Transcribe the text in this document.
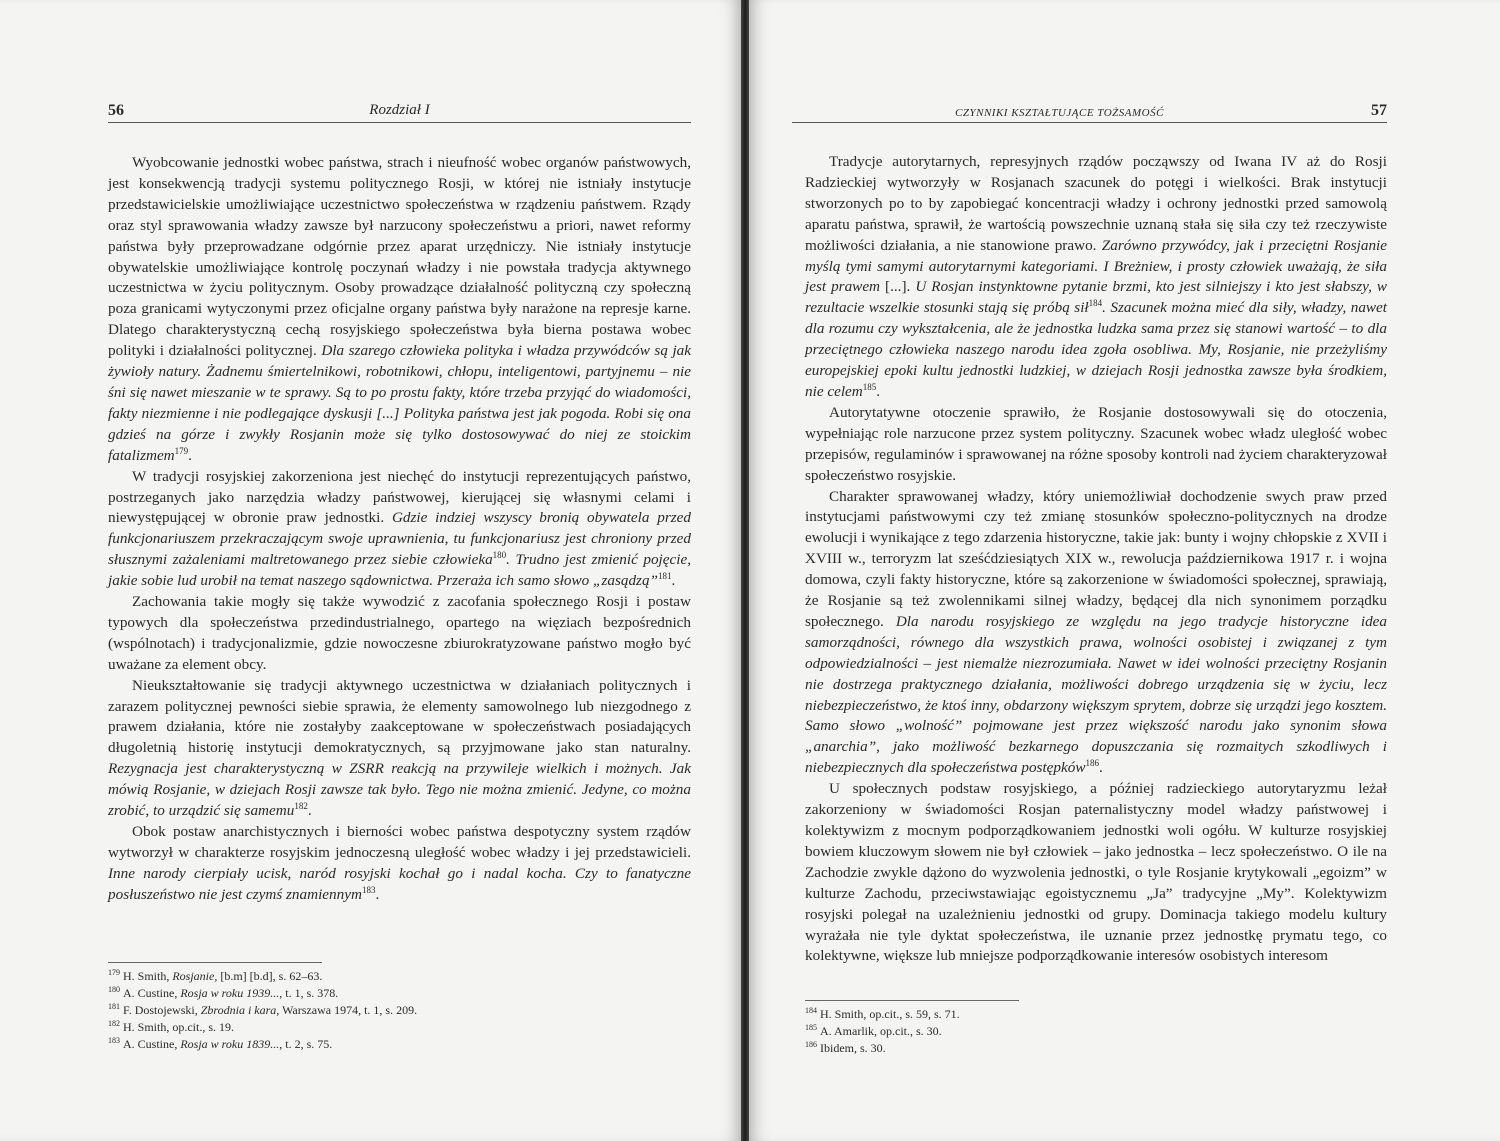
56	Rozdział I

Wyobcowanie jednostki wobec państwa, strach i nieufność wobec organów państwowych, jest konsekwencją tradycji systemu politycznego Rosji, w której nie istniały instytucje przedstawicielskie umożliwiające uczestnictwo społeczeństwa w rządzeniu państwem. Rządy oraz styl sprawowania władzy zawsze był narzucony społeczeństwu a priori, nawet reformy państwa były przeprowadzane odgórnie przez aparat urzędniczy. Nie istniały instytucje obywatelskie umożliwiające kontrolę poczynań władzy i nie powstała tradycja aktywnego uczestnictwa w życiu politycznym. Osoby prowadzące działalność polityczną czy społeczną poza granicami wytyczonymi przez oficjalne organy państwa były narażone na represje karne. Dlatego charakterystyczną cechą rosyjskiego społeczeństwa była bierna postawa wobec polityki i działalności politycznej. Dla szarego człowieka polityka i władza przywódców są jak żywioły natury. Żadnemu śmiertelnikowi, robotnikowi, chłopu, inteligentowi, partyjnemu – nie śni się nawet mieszanie w te sprawy. Są to po prostu fakty, które trzeba przyjąć do wiadomości, fakty niezmienne i nie podlegające dyskusji [...] Polityka państwa jest jak pogoda. Robi się ona gdzieś na górze i zwykły Rosjanin może się tylko dostosowywać do niej ze stoickim fatalizmem$^{179}$.

W tradycji rosyjskiej zakorzeniona jest niechęć do instytucji reprezentujących państwo, postrzeganych jako narzędzia władzy państwowej, kierującej się własnymi celami i niewystępującej w obronie praw jednostki. Gdzie indziej wszyscy bronią obywatela przed funkcjonariuszem przekraczającym swoje uprawnienia, tu funkcjonariusz jest chroniony przed słusznymi zażaleniami maltretowanego przez siebie człowieka$^{180}$. Trudno jest zmienić pojęcie, jakie sobie lud urobił na temat naszego sądownictwa. Przeraża ich samo słowo „zasądzą”$^{181}$.

Zachowania takie mogły się także wywodzić z zacofania społecznego Rosji i postaw typowych dla społeczeństwa przedindustrialnego, opartego na więziach bezpośrednich (wspólnotach) i tradycjonalizmie, gdzie nowoczesne zbiurokratyzowane państwo mogło być uważane za element obcy.

Nieukształtowanie się tradycji aktywnego uczestnictwa w działaniach politycznych i zarazem politycznej pewności siebie sprawia, że elementy samowolnego lub niezgodnego z prawem działania, które nie zostałyby zaakceptowane w społeczeństwach posiadających długoletnią historię instytucji demokratycznych, są przyjmowane jako stan naturalny. Rezygnacja jest charakterystyczną w ZSRR reakcją na przywileje wielkich i możnych. Jak mówią Rosjanie, w dziejach Rosji zawsze tak było. Tego nie można zmienić. Jedyne, co można zrobić, to urządzić się samemu$^{182}$.

Obok postaw anarchistycznych i bierności wobec państwa despotyczny system rządów wytworzył w charakterze rosyjskim jednoczesną uległość wobec władzy i jej przedstawicieli. Inne narody cierpiały ucisk, naród rosyjski kochał go i nadal kocha. Czy to fanatyczne posłuszeństwo nie jest czymś znamiennym$^{183}$.

$^{179}$ H. Smith, Rosjanie, [b.m] [b.d], s. 62–63.
$^{180}$ A. Custine, Rosja w roku 1939..., t. 1, s. 378.
$^{181}$ F. Dostojewski, Zbrodnia i kara, Warszawa 1974, t. 1, s. 209.
$^{182}$ H. Smith, op.cit., s. 19.
$^{183}$ A. Custine, Rosja w roku 1839..., t. 2, s. 75.
CZYNNIKI KSZTAŁTUJĄCE TOŻSAMOŚĆ	57

Tradycje autorytarnych, represyjnych rządów począwszy od Iwana IV aż do Rosji Radzieckiej wytworzyły w Rosjanach szacunek do potęgi i wielkości. Brak instytucji stworzonych po to by zapobiegać koncentracji władzy i ochrony jednostki przed samowolą aparatu państwa, sprawił, że wartością powszechnie uznaną stała się siła czy też rzeczywiste możliwości działania, a nie stanowione prawo. Zarówno przywódcy, jak i przeciętni Rosjanie myślą tymi samymi autorytarnymi kategoriami. I Breżniew, i prosty człowiek uważają, że siła jest prawem [...]. U Rosjan instynktowne pytanie brzmi, kto jest silniejszy i kto jest słabszy, w rezultacie wszelkie stosunki stają się próbą sił$^{184}$. Szacunek można mieć dla siły, władzy, nawet dla rozumu czy wykształcenia, ale że jednostka ludzka sama przez się stanowi wartość – to dla przeciętnego człowieka naszego narodu idea zgoła osobliwa. My, Rosjanie, nie przeżyliśmy europejskiej epoki kultu jednostki ludzkiej, w dziejach Rosji jednostka zawsze była środkiem, nie celem$^{185}$.

Autorytatywne otoczenie sprawiło, że Rosjanie dostosowywali się do otoczenia, wypełniając role narzucone przez system polityczny. Szacunek wobec władz uległość wobec przepisów, regulaminów i sprawowanej na różne sposoby kontroli nad życiem charakteryzował społeczeństwo rosyjskie.

Charakter sprawowanej władzy, który uniemożliwiał dochodzenie swych praw przed instytucjami państwowymi czy też zmianę stosunków społeczno-politycznych na drodze ewolucji i wynikające z tego zdarzenia historyczne, takie jak: bunty i wojny chłopskie z XVII i XVIII w., terroryzm lat sześćdziesiątych XIX w., rewolucja październikowa 1917 r. i wojna domowa, czyli fakty historyczne, które są zakorzenione w świadomości społecznej, sprawiają, że Rosjanie są też zwolennikami silnej władzy, będącej dla nich synonimem porządku społecznego. Dla narodu rosyjskiego ze względu na jego tradycje historyczne idea samorządności, równego dla wszystkich prawa, wolności osobistej i związanej z tym odpowiedzialności – jest niemalże niezrozumiała. Nawet w idei wolności przeciętny Rosjanin nie dostrzega praktycznego działania, możliwości dobrego urządzenia się w życiu, lecz niebezpieczeństwo, że ktoś inny, obdarzony większym sprytem, dobrze się urządzi jego kosztem. Samo słowo „wolność” pojmowane jest przez większość narodu jako synonim słowa „anarchia”, jako możliwość bezkarnego dopuszczania się rozmaitych szkodliwych i niebezpiecznych dla społeczeństwa postępków$^{186}$.

U społecznych podstaw rosyjskiego, a później radzieckiego autorytaryzmu leżał zakorzeniony w świadomości Rosjan paternalistyczny model władzy państwowej i kolektywizm z mocnym podporządkowaniem jednostki woli ogółu. W kulturze rosyjskiej bowiem kluczowym słowem nie był człowiek – jako jednostka – lecz społeczeństwo. O ile na Zachodzie zwykle dążono do wyzwolenia jednostki, o tyle Rosjanie krytykowali „egoizm” w kulturze Zachodu, przeciwstawiając egoistycznemu „Ja” tradycyjne „My”. Kolektywizm rosyjski polegał na uzależnieniu jednostki od grupy. Dominacja takiego modelu kultury wyrażała nie tyle dyktat społeczeństwa, ile uznanie przez jednostkę prymatu tego, co kolektywne, większe lub mniejsze podporządkowanie interesów osobistych interesom

$^{184}$ H. Smith, op.cit., s. 59, s. 71.
$^{185}$ A. Amarlik, op.cit., s. 30.
$^{186}$ Ibidem, s. 30.
